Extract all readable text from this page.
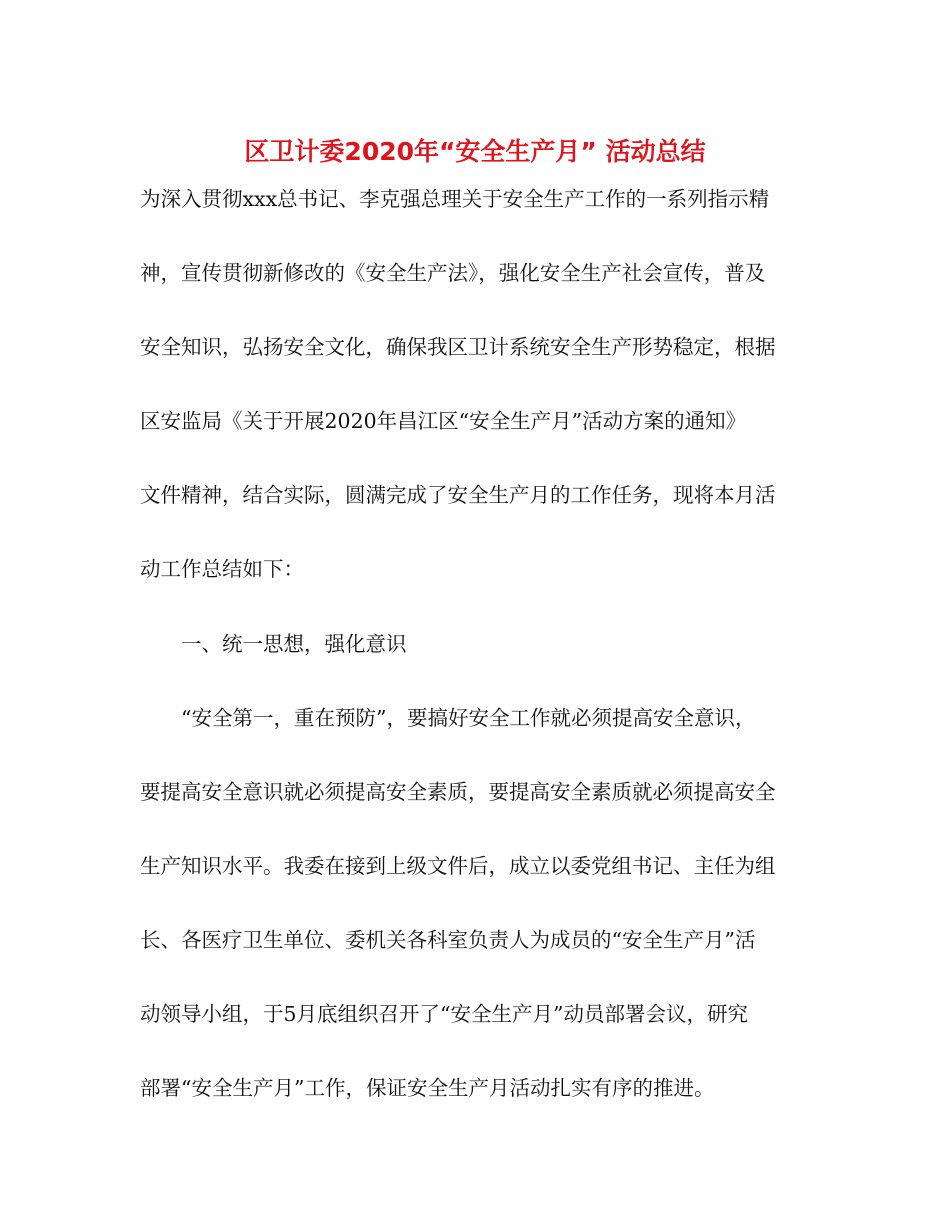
区卫计委2020年“安全生产月” 活动总结
为深入贯彻xxx总书记、李克强总理关于安全生产工作的一系列指示精
神，宣传贯彻新修改的《安全生产法》，强化安全生产社会宣传，普及
安全知识，弘扬安全文化，确保我区卫计系统安全生产形势稳定，根据
区安监局《关于开展2020年昌江区“安全生产月”活动方案的通知》
文件精神，结合实际，圆满完成了安全生产月的工作任务，现将本月活
动工作总结如下：
　　一、统一思想，强化意识
　　“安全第一，重在预防”，要搞好安全工作就必须提高安全意识，
要提高安全意识就必须提高安全素质，要提高安全素质就必须提高安全
生产知识水平。我委在接到上级文件后，成立以委党组书记、主任为组
长、各医疗卫生单位、委机关各科室负责人为成员的“安全生产月”活
动领导小组，于5月底组织召开了“安全生产月”动员部署会议，研究
部署“安全生产月”工作，保证安全生产月活动扎实有序的推进。
